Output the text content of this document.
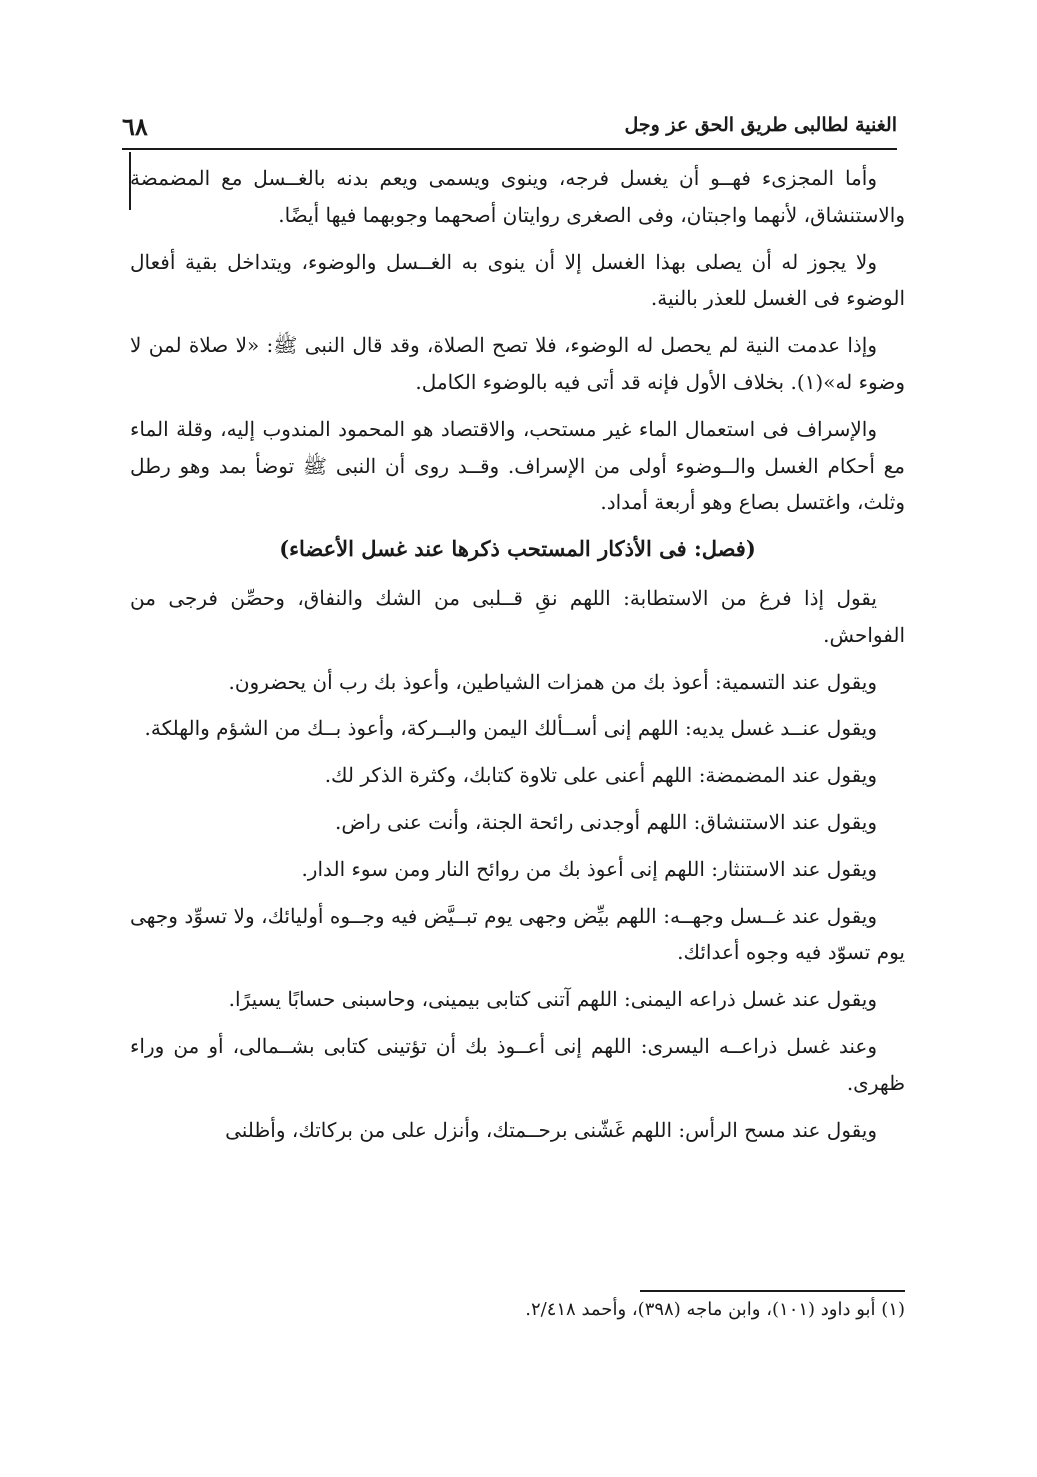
الغنية لطالبى طريق الحق عز وجل
٦٨

وأما المجزىء فهــو أن يغسل فرجه، وينوى ويسمى ويعم بدنه بالغــسل مع المضمضة والاستنشاق، لأنهما واجبتان، وفى الصغرى روايتان أصحهما وجوبهما فيها أيضًا.

ولا يجوز له أن يصلى بهذا الغسل إلا أن ينوى به الغــسل والوضوء، ويتداخل بقية أفعال الوضوء فى الغسل للعذر بالنية.

وإذا عدمت النية لم يحصل له الوضوء، فلا تصح الصلاة، وقد قال النبى ﷺ: «لا صلاة لمن لا وضوء له»(١). بخلاف الأول فإنه قد أتى فيه بالوضوء الكامل.

والإسراف فى استعمال الماء غير مستحب، والاقتصاد هو المحمود المندوب إليه، وقلة الماء مع أحكام الغسل والــوضوء أولى من الإسراف. وقــد روى أن النبى ﷺ توضأ بمد وهو رطل وثلث، واغتسل بصاع وهو أربعة أمداد.

(فصل: فى الأذكار المستحب ذكرها عند غسل الأعضاء)

يقول إذا فرغ من الاستطابة: اللهم نقِ قــلبى من الشك والنفاق، وحصِّن فرجى من الفواحش.

ويقول عند التسمية: أعوذ بك من همزات الشياطين، وأعوذ بك رب أن يحضرون.

ويقول عنــد غسل يديه: اللهم إنى أســألك اليمن والبــركة، وأعوذ بــك من الشؤم والهلكة.

ويقول عند المضمضة: اللهم أعنى على تلاوة كتابك، وكثرة الذكر لك.

ويقول عند الاستنشاق: اللهم أوجدنى رائحة الجنة، وأنت عنى راض.

ويقول عند الاستنثار: اللهم إنى أعوذ بك من روائح النار ومن سوء الدار.

ويقول عند غــسل وجهــه: اللهم بيِّض وجهى يوم تبــيَّض فيه وجــوه أوليائك، ولا تسوِّد وجهى يوم تسوّد فيه وجوه أعدائك.

ويقول عند غسل ذراعه اليمنى: اللهم آتنى كتابى بيمينى، وحاسبنى حسابًا يسيرًا.

وعند غسل ذراعــه اليسرى: اللهم إنى أعــوذ بك أن تؤتينى كتابى بشــمالى، أو من وراء ظهرى.

ويقول عند مسح الرأس: اللهم غَشّنى برحــمتك، وأنزل على من بركاتك، وأظلنى

(١) أبو داود (١٠١)، وابن ماجه (٣٩٨)، وأحمد ٢/٤١٨.
